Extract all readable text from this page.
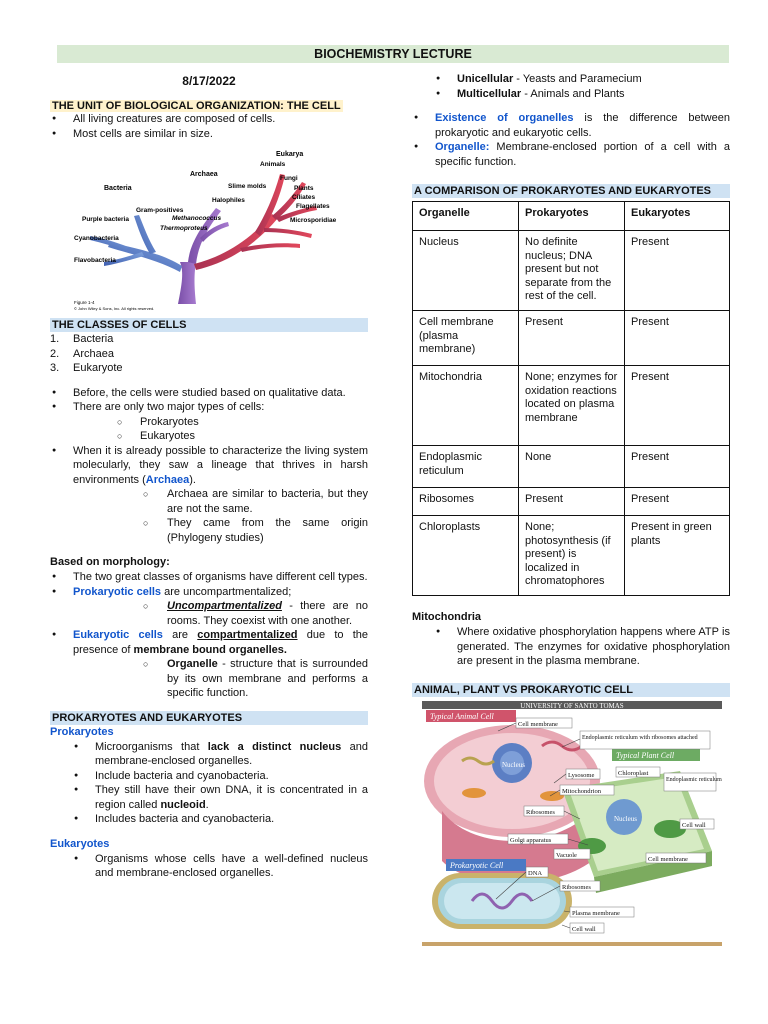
BIOCHEMISTRY LECTURE
8/17/2022
THE UNIT OF BIOLOGICAL ORGANIZATION: THE CELL
● All living creatures are composed of cells.
● Most cells are similar in size.
Eukarya
Animals
Archaea
Fungi
Bacteria	Slime molds	Plants
Ciliates
Flagellates
Halophiles
Gram-positives
Purple bacteria	Methanococcus	Microsporidiae
Thermoproteus
Cyanobacteria
Flavobacteria
Figure 1-4
© John Wiley & Sons, Inc. All rights reserved.
THE CLASSES OF CELLS
1. Bacteria
2. Archaea
3. Eukaryote
● Before, the cells were studied based on qualitative data.
● There are only two major types of cells:
○ Prokaryotes
○ Eukaryotes
● When it is already possible to characterize the living system molecularly, they saw a lineage that thrives in harsh environments (Archaea).
○ Archaea are similar to bacteria, but they are not the same.
○ They came from the same origin (Phylogeny studies)
Based on morphology:
● The two great classes of organisms have different cell types.
● Prokaryotic cells are uncompartmentalized;
○ Uncompartmentalized - there are no rooms. They coexist with one another.
● Eukaryotic cells are compartmentalized due to the presence of membrane bound organelles.
○ Organelle - structure that is surrounded by its own membrane and performs a specific function.
PROKARYOTES AND EUKARYOTES
Prokaryotes
● Microorganisms that lack a distinct nucleus and membrane-enclosed organelles.
● Include bacteria and cyanobacteria.
● They still have their own DNA, it is concentrated in a region called nucleoid.
● Includes bacteria and cyanobacteria.
Eukaryotes
● Organisms whose cells have a well-defined nucleus and membrane-enclosed organelles.
● Unicellular - Yeasts and Paramecium
● Multicellular - Animals and Plants
● Existence of organelles is the difference between prokaryotic and eukaryotic cells.
● Organelle: Membrane-enclosed portion of a cell with a specific function.
A COMPARISON OF PROKARYOTES AND EUKARYOTES
Organelle	Prokaryotes	Eukaryotes
Nucleus	No definite nucleus; DNA present but not separate from the rest of the cell.	Present
Cell membrane (plasma membrane)	Present	Present
Mitochondria	None; enzymes for oxidation reactions located on plasma membrane	Present
Endoplasmic reticulum	None	Present
Ribosomes	Present	Present
Chloroplasts	None; photosynthesis (if present) is localized in chromatophores	Present in green plants
Mitochondria
● Where oxidative phosphorylation happens where ATP is generated. The enzymes for oxidative phosphorylation are present in the plasma membrane.
ANIMAL, PLANT VS PROKARYOTIC CELL
UNIVERSITY OF SANTO TOMAS
Typical Animal Cell
Nucleus
Typical Plant Cell
Nucleus
Prokaryotic Cell
Cell membrane
Endoplasmic reticulum with ribosomes attached
Lysosome	Chloroplast
Endoplasmic reticulum
Mitochondrion
Ribosomes
Cell wall
Golgi apparatus
Vacuole
Cell membrane
DNA
Ribosomes
Plasma membrane
Cell wall
